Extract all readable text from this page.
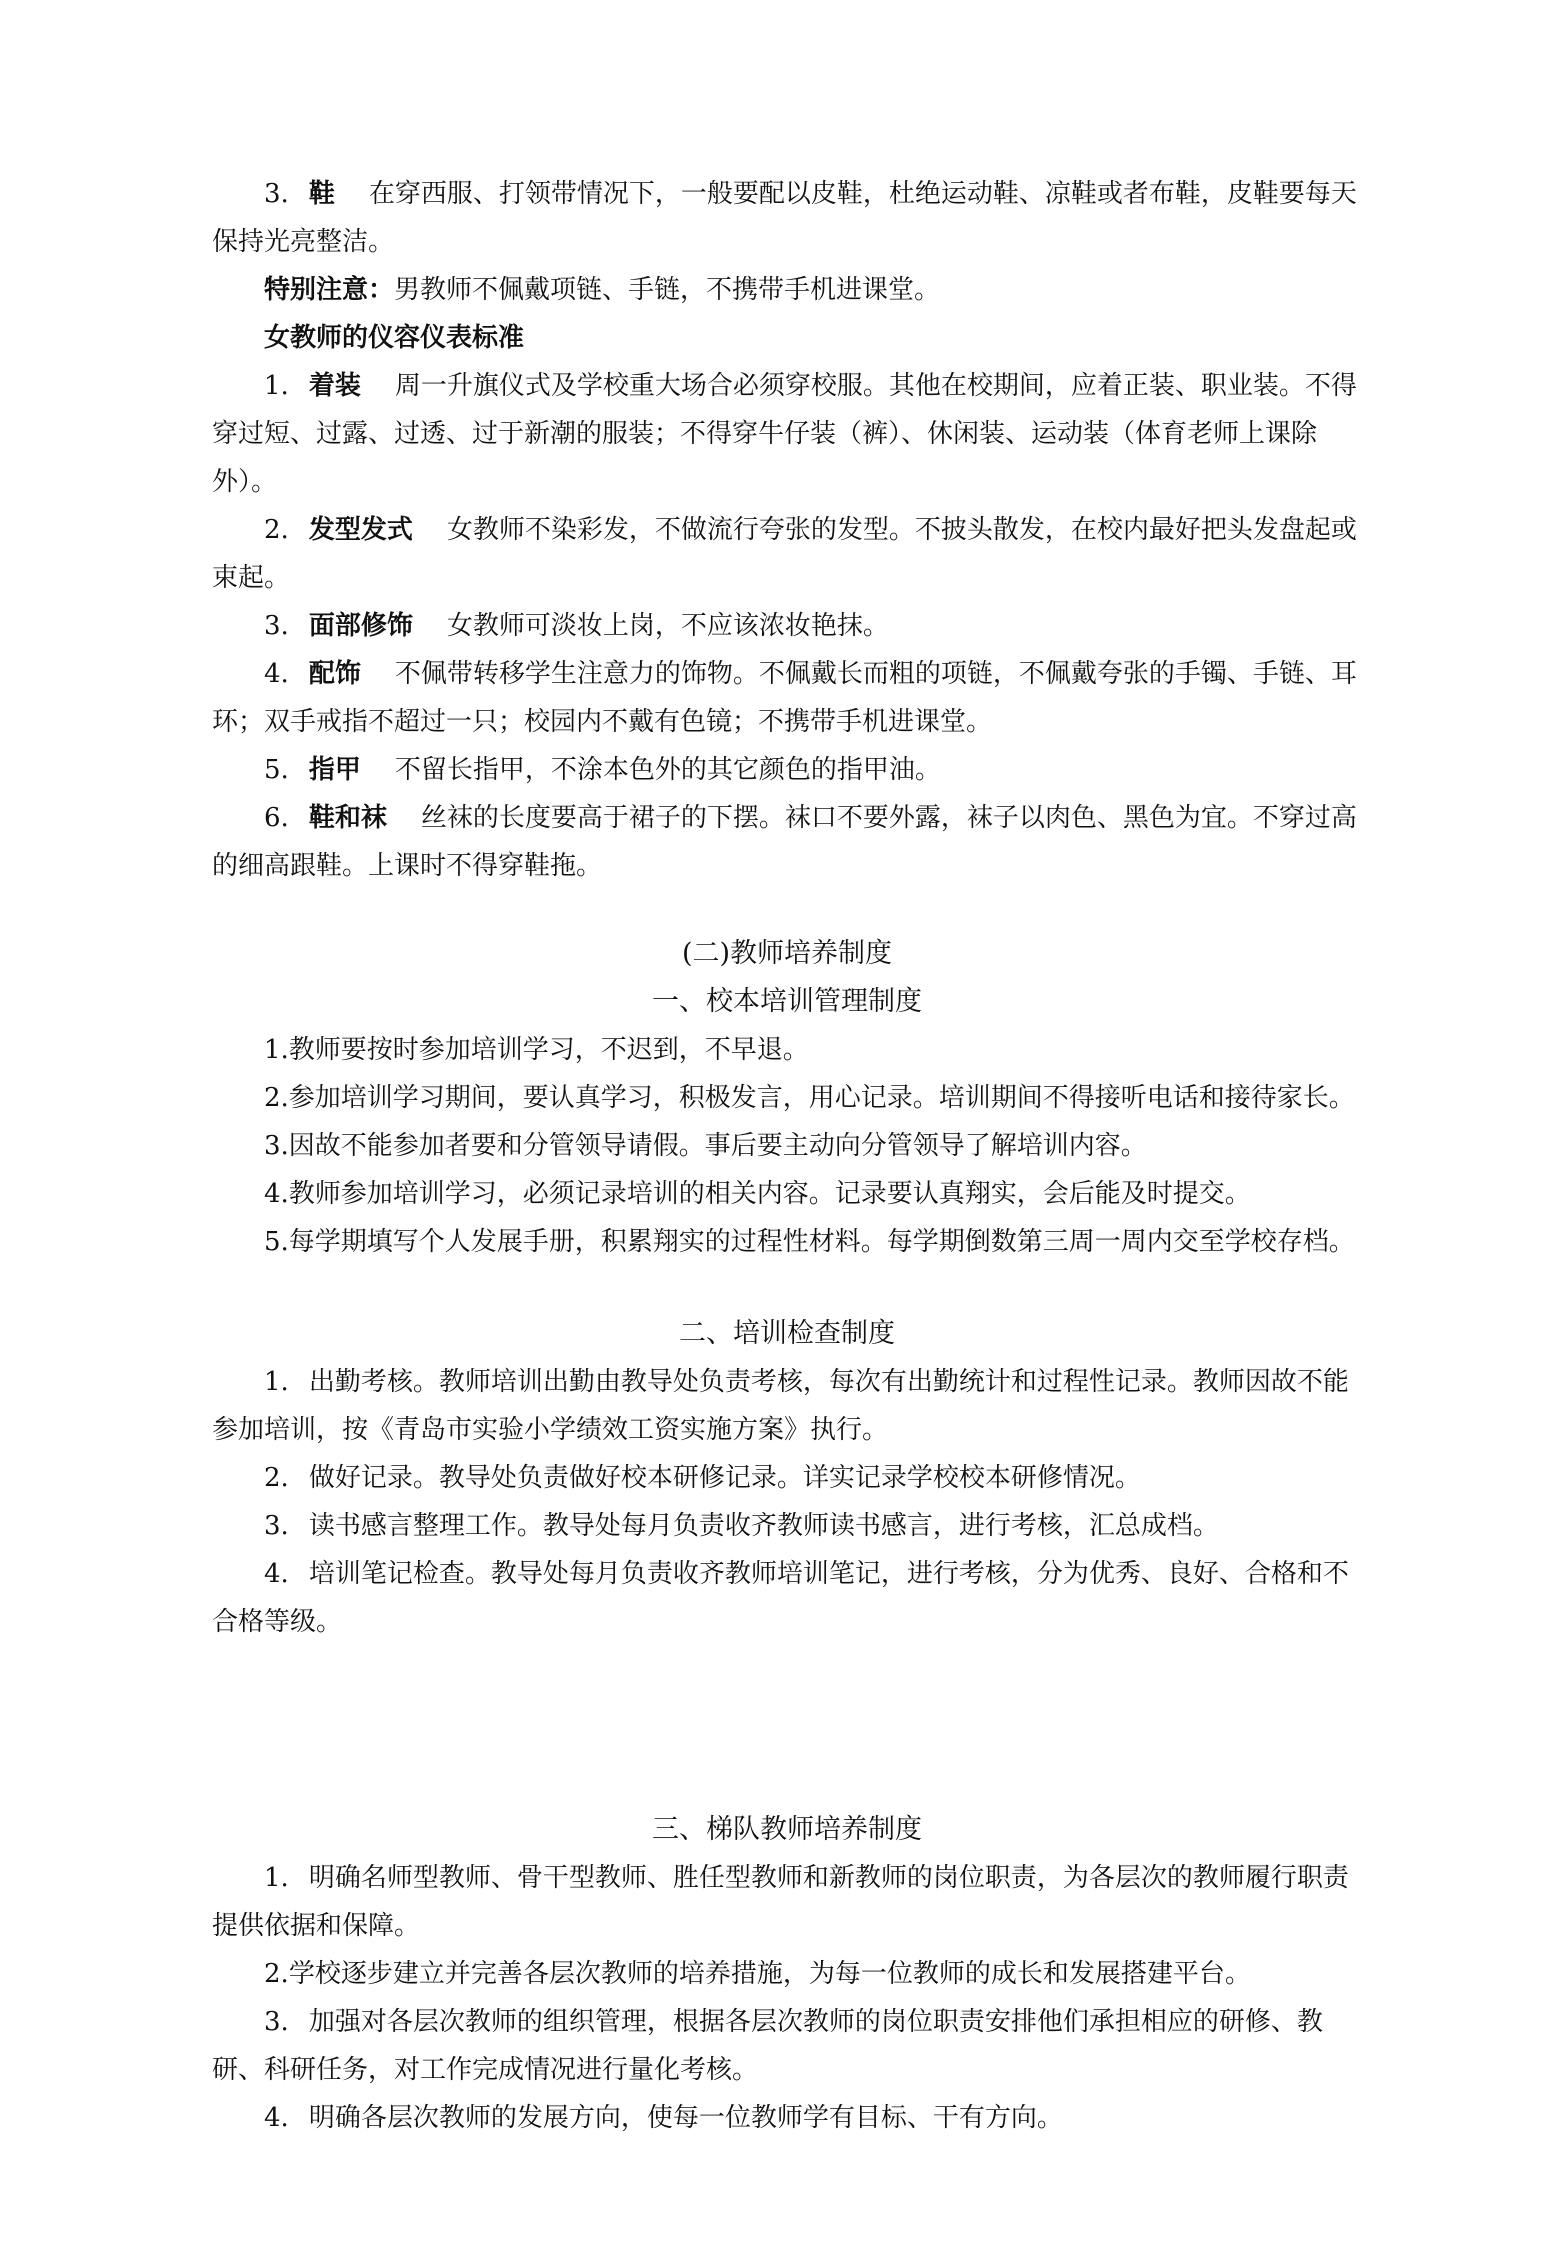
3. 鞋 在穿西服、打领带情况下，一般要配以皮鞋，杜绝运动鞋、凉鞋或者布鞋，皮鞋要每天保持光亮整洁。

特别注意：男教师不佩戴项链、手链，不携带手机进课堂。

女教师的仪容仪表标准

1. 着装 周一升旗仪式及学校重大场合必须穿校服。其他在校期间，应着正装、职业装。不得穿过短、过露、过透、过于新潮的服装；不得穿牛仔装（裤）、休闲装、运动装（体育老师上课除外）。

2. 发型发式 女教师不染彩发，不做流行夸张的发型。不披头散发，在校内最好把头发盘起或束起。

3. 面部修饰 女教师可淡妆上岗，不应该浓妆艳抹。

4. 配饰 不佩带转移学生注意力的饰物。不佩戴长而粗的项链，不佩戴夸张的手镯、手链、耳环；双手戒指不超过一只；校园内不戴有色镜；不携带手机进课堂。

5. 指甲 不留长指甲，不涂本色外的其它颜色的指甲油。

6. 鞋和袜 丝袜的长度要高于裙子的下摆。袜口不要外露，袜子以肉色、黑色为宜。不穿过高的细高跟鞋。上课时不得穿鞋拖。

(二)教师培养制度

一、校本培训管理制度

1.教师要按时参加培训学习，不迟到，不早退。

2.参加培训学习期间，要认真学习，积极发言，用心记录。培训期间不得接听电话和接待家长。

3.因故不能参加者要和分管领导请假。事后要主动向分管领导了解培训内容。

4.教师参加培训学习，必须记录培训的相关内容。记录要认真翔实，会后能及时提交。

5.每学期填写个人发展手册，积累翔实的过程性材料。每学期倒数第三周一周内交至学校存档。

二、培训检查制度

1. 出勤考核。教师培训出勤由教导处负责考核，每次有出勤统计和过程性记录。教师因故不能参加培训，按《青岛市实验小学绩效工资实施方案》执行。

2. 做好记录。教导处负责做好校本研修记录。详实记录学校校本研修情况。

3. 读书感言整理工作。教导处每月负责收齐教师读书感言，进行考核，汇总成档。

4. 培训笔记检查。教导处每月负责收齐教师培训笔记，进行考核，分为优秀、良好、合格和不合格等级。

三、梯队教师培养制度

1. 明确名师型教师、骨干型教师、胜任型教师和新教师的岗位职责，为各层次的教师履行职责提供依据和保障。

2.学校逐步建立并完善各层次教师的培养措施，为每一位教师的成长和发展搭建平台。

3. 加强对各层次教师的组织管理，根据各层次教师的岗位职责安排他们承担相应的研修、教研、科研任务，对工作完成情况进行量化考核。

4. 明确各层次教师的发展方向，使每一位教师学有目标、干有方向。
